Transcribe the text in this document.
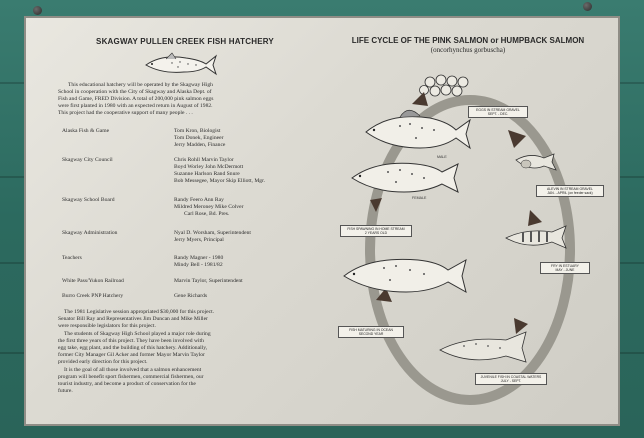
SKAGWAY PULLEN CREEK FISH HATCHERY	LIFE CYCLE OF THE PINK SALMON or HUMPBACK SALMON
(oncorhynchus gorbuscha)
This educational hatchery will be operated by the Skagway High
School in cooperation with the City of Skagway and Alaska Dept. of
Fish and Game, FRED Division. A total of 200,000 pink salmon eggs
were first planted in 1980 with an expected return in August of 1982.
This project had the cooperative support of many people . . .
Alaska Fish & Game	Tom Kron, Biologist
Tom Donek, Engineer
Jerry Madden, Finance
Skagway City Council	Chris Rohll Marvin Taylor
Boyd Worley John McDermott
Suzanne Harlson Rand Snure
Bob Messegee, Mayor Skip Elliott, Mgr.
Skagway School Board	Randy Feero Ann Ray
Mildred Meroney Mike Colver
Carl Rose, Bd. Pres.
Skagway Administration	Nyal D. Worsham, Superintendent
Jerry Myers, Principal
Teachers	Randy Magner - 1980
Mindy Bell - 1981/82
White Pass/Yukon Railroad	Marvin Taylor, Superintendent
Burro Creek PNP Hatchery	Gene Richards
The 1981 Legislative session appropriated $30,000 for this project.
Senator Bill Ray and Representatives Jim Duncan and Mike Miller
were responsible legislators for this project.
The students of Skagway High School played a major role during
the first three years of this project. They have been involved with
egg take, egg plant, and the building of this hatchery. Additionally,
former City Manager Gil Acker and former Mayor Marvin Taylor
provided early direction for this project.
It is the goal of all those involved that a salmon enhancement
program will benefit sport fishermen, commercial fishermen, our
tourist industry, and become a product of conservation for the
future.
MALE
FEMALE
EGGS IN STREAM GRAVEL
SEPT. - DEC.
ALEVIN IN STREAM GRAVEL
JAN. - APRIL (on feeder sack)
FRY IN ESTUARY
MAY - JUNE
JUVENILE FISH IN COASTAL WATERS
JULY - SEPT.
FISH MATURING IN OCEAN
SECOND YEAR
FISH SPAWNING IN HOME STREAM
2 YEARS OLD
